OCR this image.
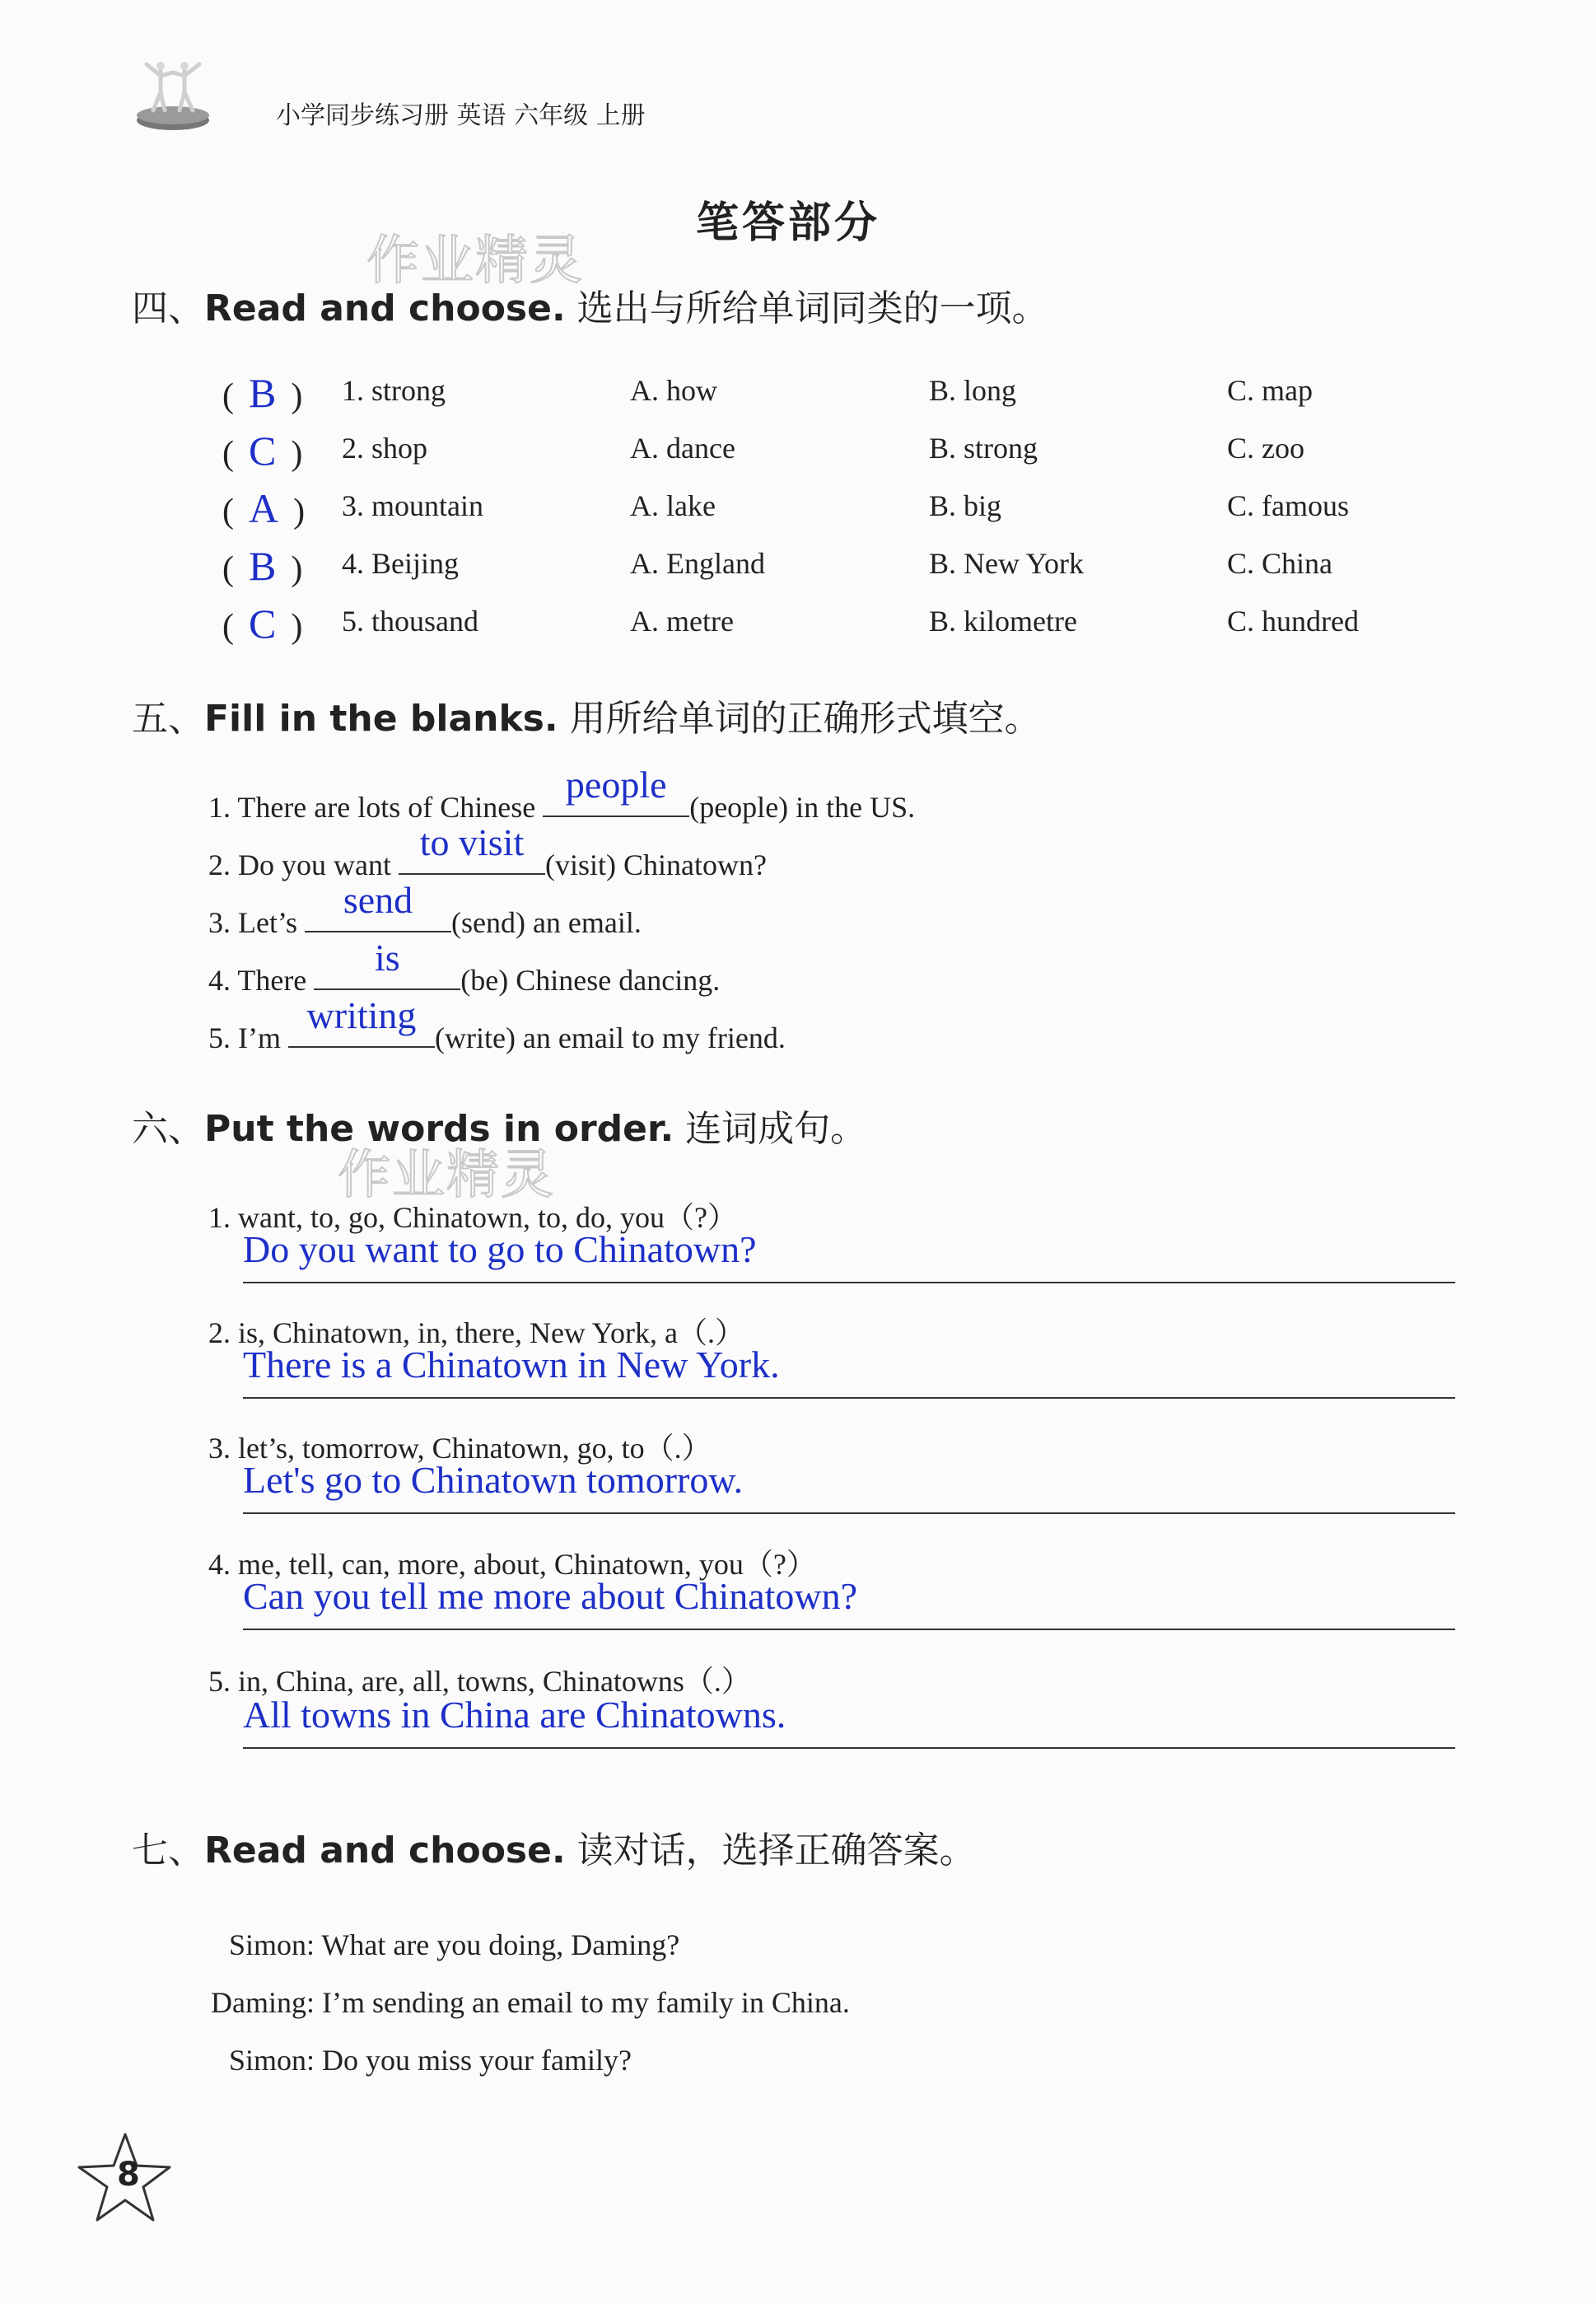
小学同步练习册 英语 六年级 上册
笔答部分
作业精灵
作业精灵
四、Read and choose. 选出与所给单词同类的一项。
( B ) 1. strong	A. how	B. long	C. map
( C ) 2. shop	A. dance	B. strong	C. zoo
( A ) 3. mountain	A. lake	B. big	C. famous
( B ) 4. Beijing	A. England	B. New York	C. China
( C ) 5. thousand	A. metre	B. kilometre	C. hundred
五、Fill in the blanks. 用所给单词的正确形式填空。
1. There are lots of Chinese
people
(people) in the US.
2. Do you want
to visit
(visit) Chinatown?
3. Let’s
send
(send) an email.
4. There
is
(be) Chinese dancing.
5. I’m
writing
(write) an email to my friend.
六、Put the words in order. 连词成句。
1. want, to, go, Chinatown, to, do, you（?）
Do you want to go to Chinatown?
2. is, Chinatown, in, there, New York, a（.）
There is a Chinatown in New York.
3. let’s, tomorrow, Chinatown, go, to（.）
Let's go to Chinatown tomorrow.
4. me, tell, can, more, about, Chinatown, you（?）
Can you tell me more about Chinatown?
5. in, China, are, all, towns, Chinatowns（.）
All towns in China are Chinatowns.
七、Read and choose. 读对话，选择正确答案。
Simon: What are you doing, Daming?
Daming: I’m sending an email to my family in China.
Simon: Do you miss your family?
8
